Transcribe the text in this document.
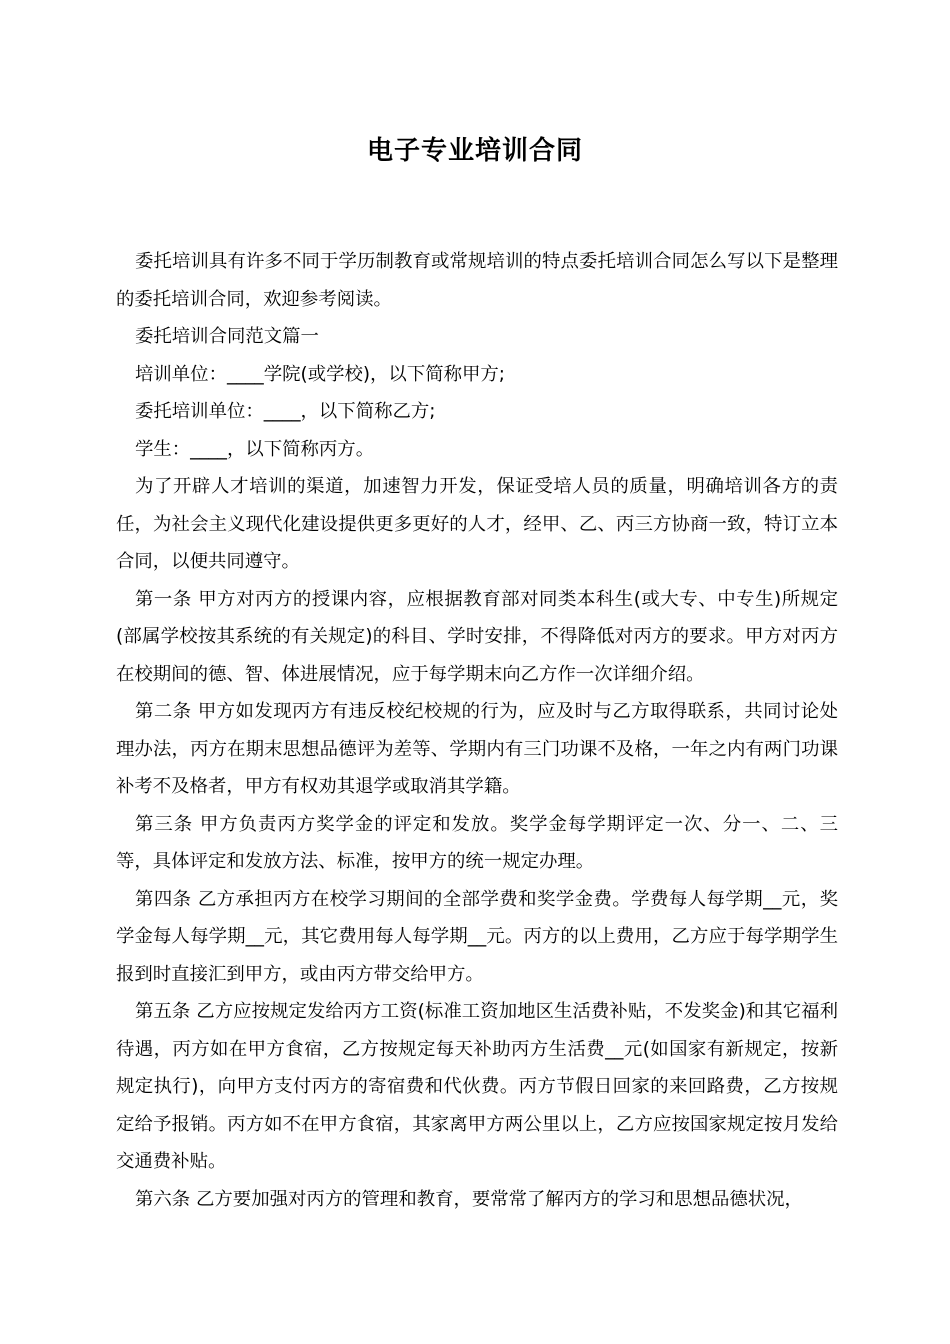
电子专业培训合同

委托培训具有许多不同于学历制教育或常规培训的特点委托培训合同怎么写以下是整理的委托培训合同，欢迎参考阅读。

委托培训合同范文篇一

培训单位：____学院(或学校)，以下简称甲方;

委托培训单位：____，以下简称乙方;

学生：____，以下简称丙方。

为了开辟人才培训的渠道，加速智力开发，保证受培人员的质量，明确培训各方的责任，为社会主义现代化建设提供更多更好的人才，经甲、乙、丙三方协商一致，特订立本合同，以便共同遵守。

第一条 甲方对丙方的授课内容，应根据教育部对同类本科生(或大专、中专生)所规定(部属学校按其系统的有关规定)的科目、学时安排，不得降低对丙方的要求。甲方对丙方在校期间的德、智、体进展情况，应于每学期末向乙方作一次详细介绍。

第二条 甲方如发现丙方有违反校纪校规的行为，应及时与乙方取得联系，共同讨论处理办法，丙方在期末思想品德评为差等、学期内有三门功课不及格，一年之内有两门功课补考不及格者，甲方有权劝其退学或取消其学籍。

第三条 甲方负责丙方奖学金的评定和发放。奖学金每学期评定一次、分一、二、三等，具体评定和发放方法、标准，按甲方的统一规定办理。

第四条 乙方承担丙方在校学习期间的全部学费和奖学金费。学费每人每学期__元，奖学金每人每学期__元，其它费用每人每学期__元。丙方的以上费用，乙方应于每学期学生报到时直接汇到甲方，或由丙方带交给甲方。

第五条 乙方应按规定发给丙方工资(标准工资加地区生活费补贴，不发奖金)和其它福利待遇，丙方如在甲方食宿，乙方按规定每天补助丙方生活费__元(如国家有新规定，按新规定执行)，向甲方支付丙方的寄宿费和代伙费。丙方节假日回家的来回路费，乙方按规定给予报销。丙方如不在甲方食宿，其家离甲方两公里以上，乙方应按国家规定按月发给交通费补贴。

第六条 乙方要加强对丙方的管理和教育，要常常了解丙方的学习和思想品德状况，
